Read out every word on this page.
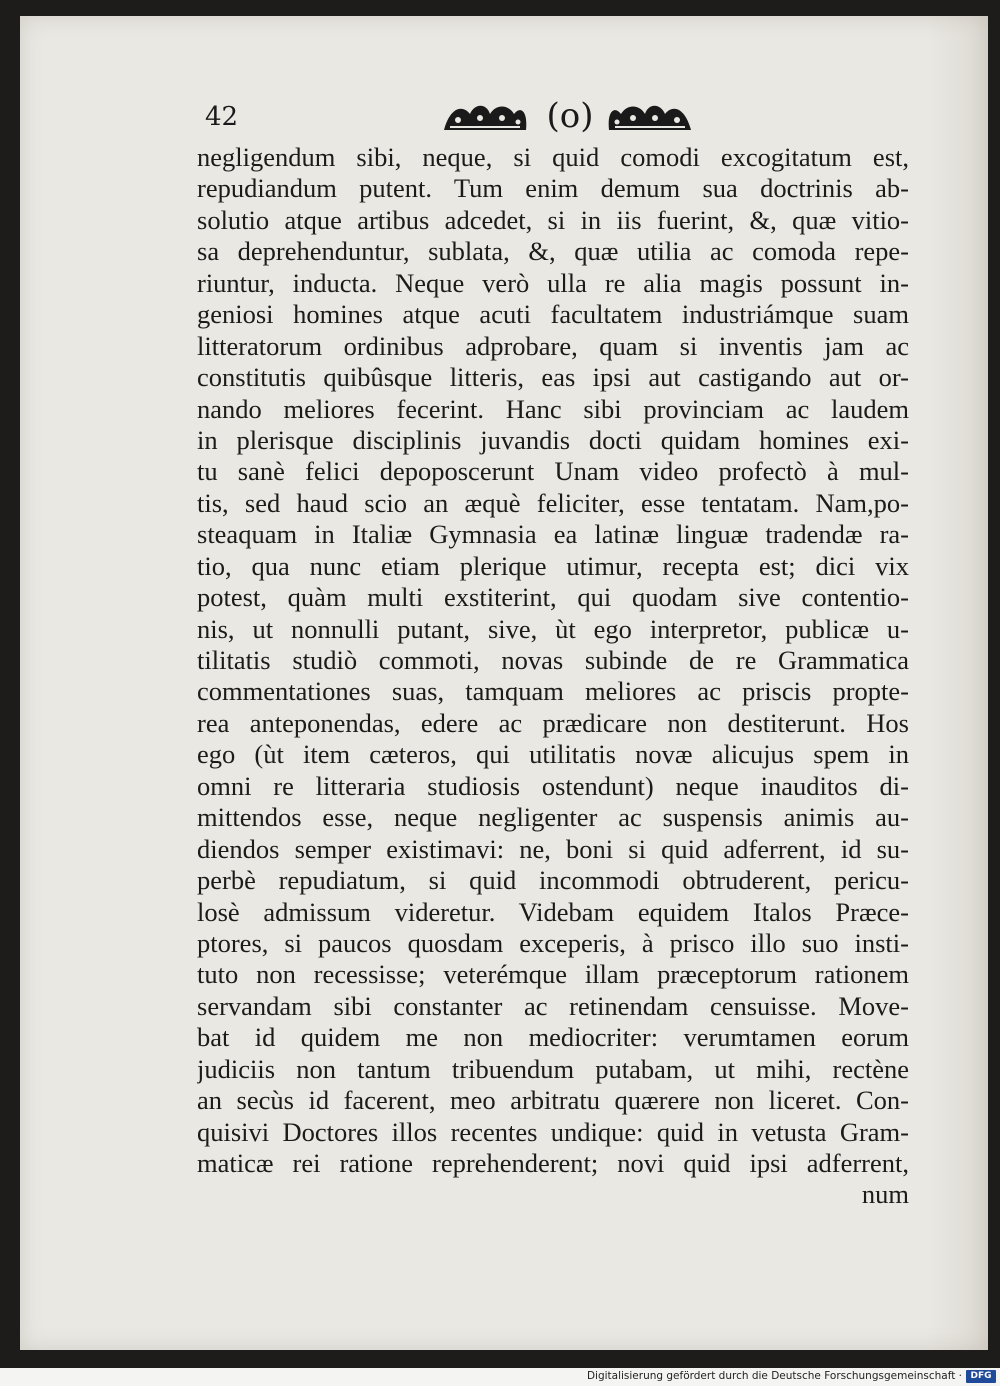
42	(o)
negligendum sibi, neque, si quid comodi excogitatum est,
repudiandum putent. Tum enim demum sua doctrinis ab-
solutio atque artibus adcedet, si in iis fuerint, &, quæ vitio-
sa deprehenduntur, sublata, &, quæ utilia ac comoda repe-
riuntur, inducta. Neque verò ulla re alia magis possunt in-
geniosi homines atque acuti facultatem industriámque suam
litteratorum ordinibus adprobare, quam si inventis jam ac
constitutis quibûsque litteris, eas ipsi aut castigando aut or-
nando meliores fecerint. Hanc sibi provinciam ac laudem
in plerisque disciplinis juvandis docti quidam homines exi-
tu sanè felici depoposcerunt Unam video profectò à mul-
tis, sed haud scio an æquè feliciter, esse tentatam. Nam,po-
steaquam in Italiæ Gymnasia ea latinæ linguæ tradendæ ra-
tio, qua nunc etiam plerique utimur, recepta est; dici vix
potest, quàm multi exstiterint, qui quodam sive contentio-
nis, ut nonnulli putant, sive, ùt ego interpretor, publicæ u-
tilitatis studiò commoti, novas subinde de re Grammatica
commentationes suas, tamquam meliores ac priscis propte-
rea anteponendas, edere ac prædicare non destiterunt. Hos
ego (ùt item cæteros, qui utilitatis novæ alicujus spem in
omni re litteraria studiosis ostendunt) neque inauditos di-
mittendos esse, neque negligenter ac suspensis animis au-
diendos semper existimavi: ne, boni si quid adferrent, id su-
perbè repudiatum, si quid incommodi obtruderent, pericu-
losè admissum videretur. Videbam equidem Italos Præce-
ptores, si paucos quosdam exceperis, à prisco illo suo insti-
tuto non recessisse; veterémque illam præceptorum rationem
servandam sibi constanter ac retinendam censuisse. Move-
bat id quidem me non mediocriter: verumtamen eorum
judiciis non tantum tribuendum putabam, ut mihi, rectène
an secùs id facerent, meo arbitratu quærere non liceret. Con-
quisivi Doctores illos recentes undique: quid in vetusta Gram-
maticæ rei ratione reprehenderent; novi quid ipsi adferrent,
num
Digitalisierung gefördert durch die Deutsche Forschungsgemeinschaft · DFG
